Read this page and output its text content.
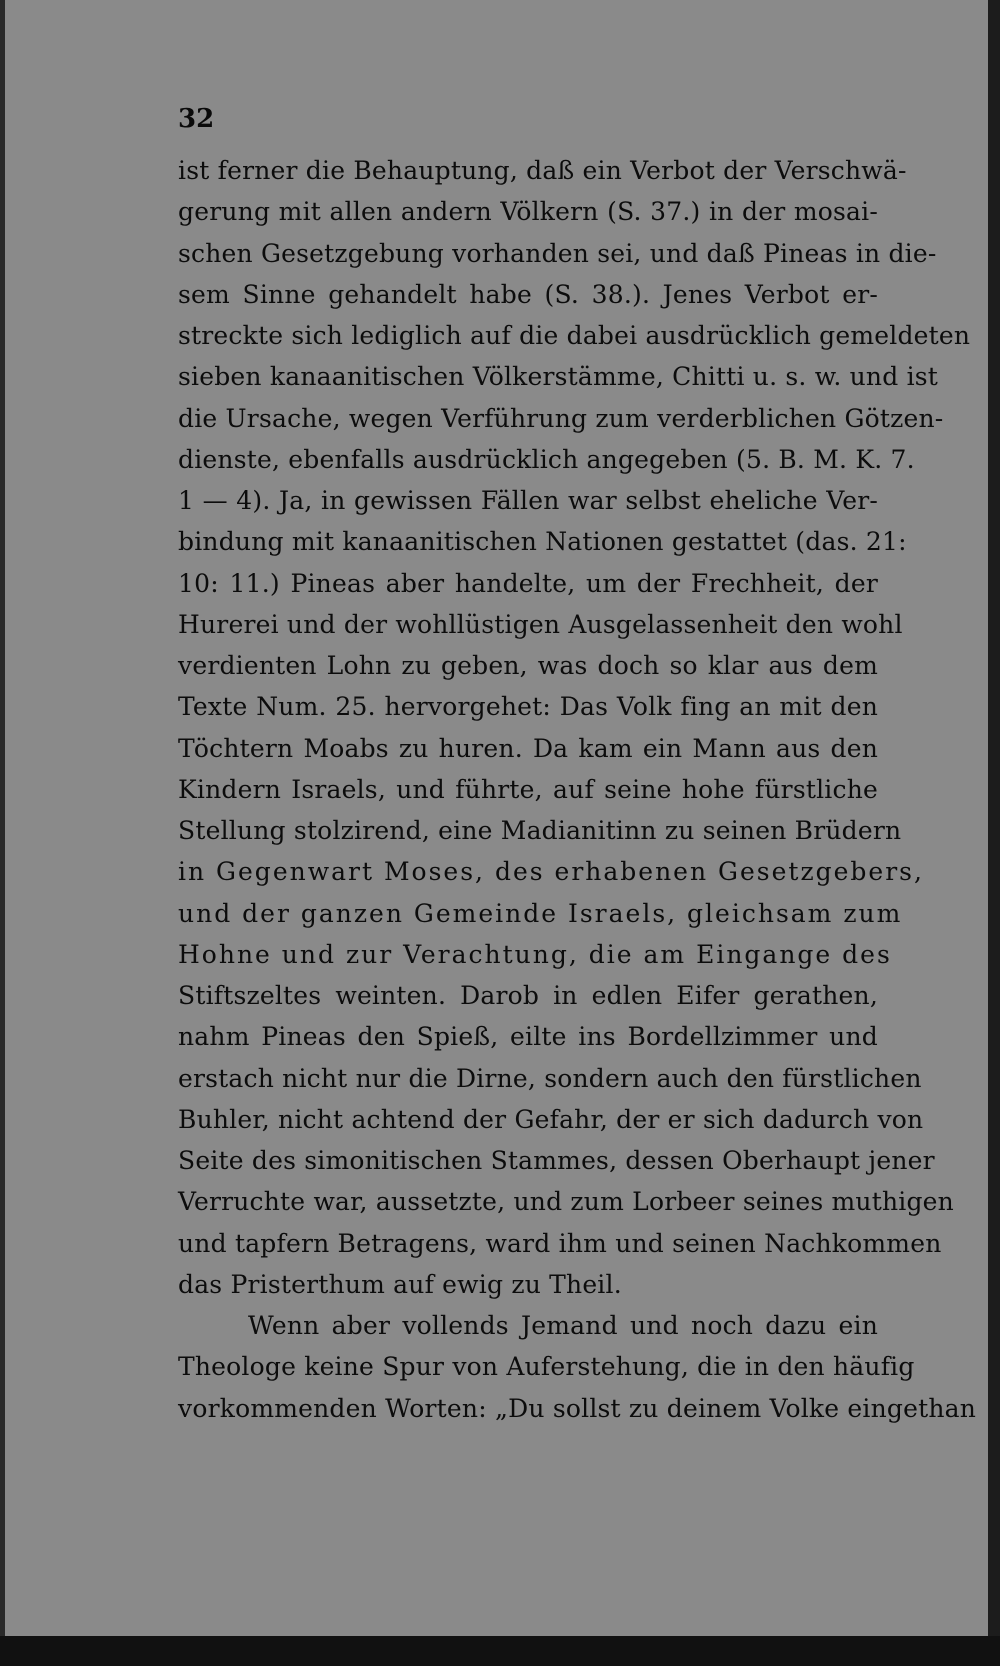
32
ist ferner die Behauptung, daß ein Verbot der Verschwä-
gerung mit allen andern Völkern (S. 37.) in der mosai-
schen Gesetzgebung vorhanden sei, und daß Pineas in die-
sem Sinne gehandelt habe (S. 38.). Jenes Verbot er-
streckte sich lediglich auf die dabei ausdrücklich gemeldeten
sieben kanaanitischen Völkerstämme, Chitti u. s. w. und ist
die Ursache, wegen Verführung zum verderblichen Götzen-
dienste, ebenfalls ausdrücklich angegeben (5. B. M. K. 7.
1 — 4). Ja, in gewissen Fällen war selbst eheliche Ver-
bindung mit kanaanitischen Nationen gestattet (das. 21:
10: 11.) Pineas aber handelte, um der Frechheit, der
Hurerei und der wohllüstigen Ausgelassenheit den wohl
verdienten Lohn zu geben, was doch so klar aus dem
Texte Num. 25. hervorgehet: Das Volk fing an mit den
Töchtern Moabs zu huren. Da kam ein Mann aus den
Kindern Israels, und führte, auf seine hohe fürstliche
Stellung stolzirend, eine Madianitinn zu seinen Brüdern
in Gegenwart Moses, des erhabenen Gesetzgebers,
und der ganzen Gemeinde Israels, gleichsam zum
Hohne und zur Verachtung, die am Eingange des
Stiftszeltes weinten. Darob in edlen Eifer gerathen,
nahm Pineas den Spieß, eilte ins Bordellzimmer und
erstach nicht nur die Dirne, sondern auch den fürstlichen
Buhler, nicht achtend der Gefahr, der er sich dadurch von
Seite des simonitischen Stammes, dessen Oberhaupt jener
Verruchte war, aussetzte, und zum Lorbeer seines muthigen
und tapfern Betragens, ward ihm und seinen Nachkommen
das Pristerthum auf ewig zu Theil.
Wenn aber vollends Jemand und noch dazu ein
Theologe keine Spur von Auferstehung, die in den häufig
vorkommenden Worten: „Du sollst zu deinem Volke eingethan
